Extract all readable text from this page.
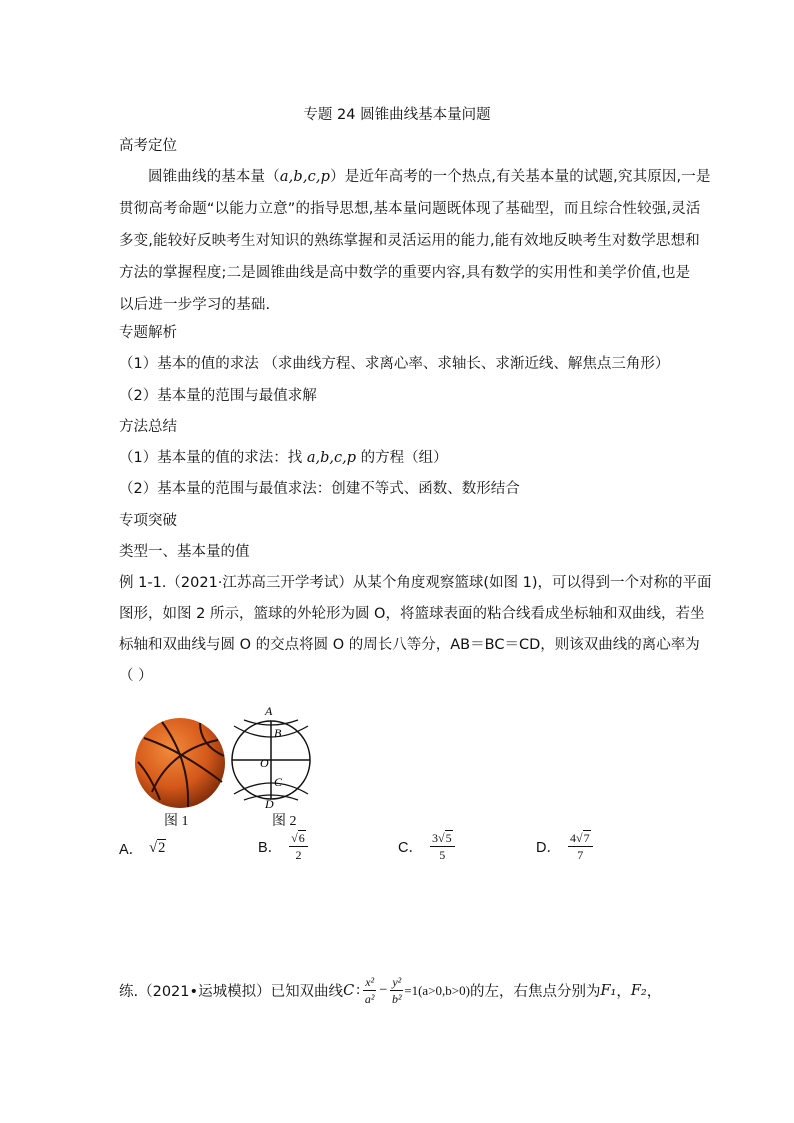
专题 24 圆锥曲线基本量问题
高考定位

圆锥曲线的基本量（a,b,c,p）是近年高考的一个热点,有关基本量的试题,究其原因,一是

贯彻高考命题“以能力立意”的指导思想,基本量问题既体现了基础型，而且综合性较强,灵活

多变,能较好反映考生对知识的熟练掌握和灵活运用的能力,能有效地反映考生对数学思想和

方法的掌握程度;二是圆锥曲线是高中数学的重要内容,具有数学的实用性和美学价值,也是

以后进一步学习的基础.

专题解析
（1）基本的值的求法 （求曲线方程、求离心率、求轴长、求渐近线、解焦点三角形）
（2）基本量的范围与最值求解
方法总结
（1）基本量的值的求法：找 a,b,c,p 的方程（组）
（2）基本量的范围与最值求法：创建不等式、函数、数形结合
专项突破
类型一、基本量的值
例 1-1.（2021·江苏高三开学考试）从某个角度观察篮球(如图 1)，可以得到一个对称的平面
图形，如图 2 所示，篮球的外轮形为圆 O，将篮球表面的粘合线看成坐标轴和双曲线，若坐
标轴和双曲线与圆 O 的交点将圆 O 的周长八等分，AB＝BC＝CD，则该双曲线的离心率为
（ ）
A
B
O
C
D
图 1	图 2
A． √2	B． $\frac{√6}{2}$	C． $\frac{3√5}{5}$	D． $\frac{4√7}{7}$
练.（2021•运城模拟）已知双曲线 C : $\frac{\text{x²}}{\text{a²}} - \frac{\text{y²}}{\text{b²}} =1(a>0,b>0)$ 的左，右焦点分别为 F₁ ， F₂ ，
